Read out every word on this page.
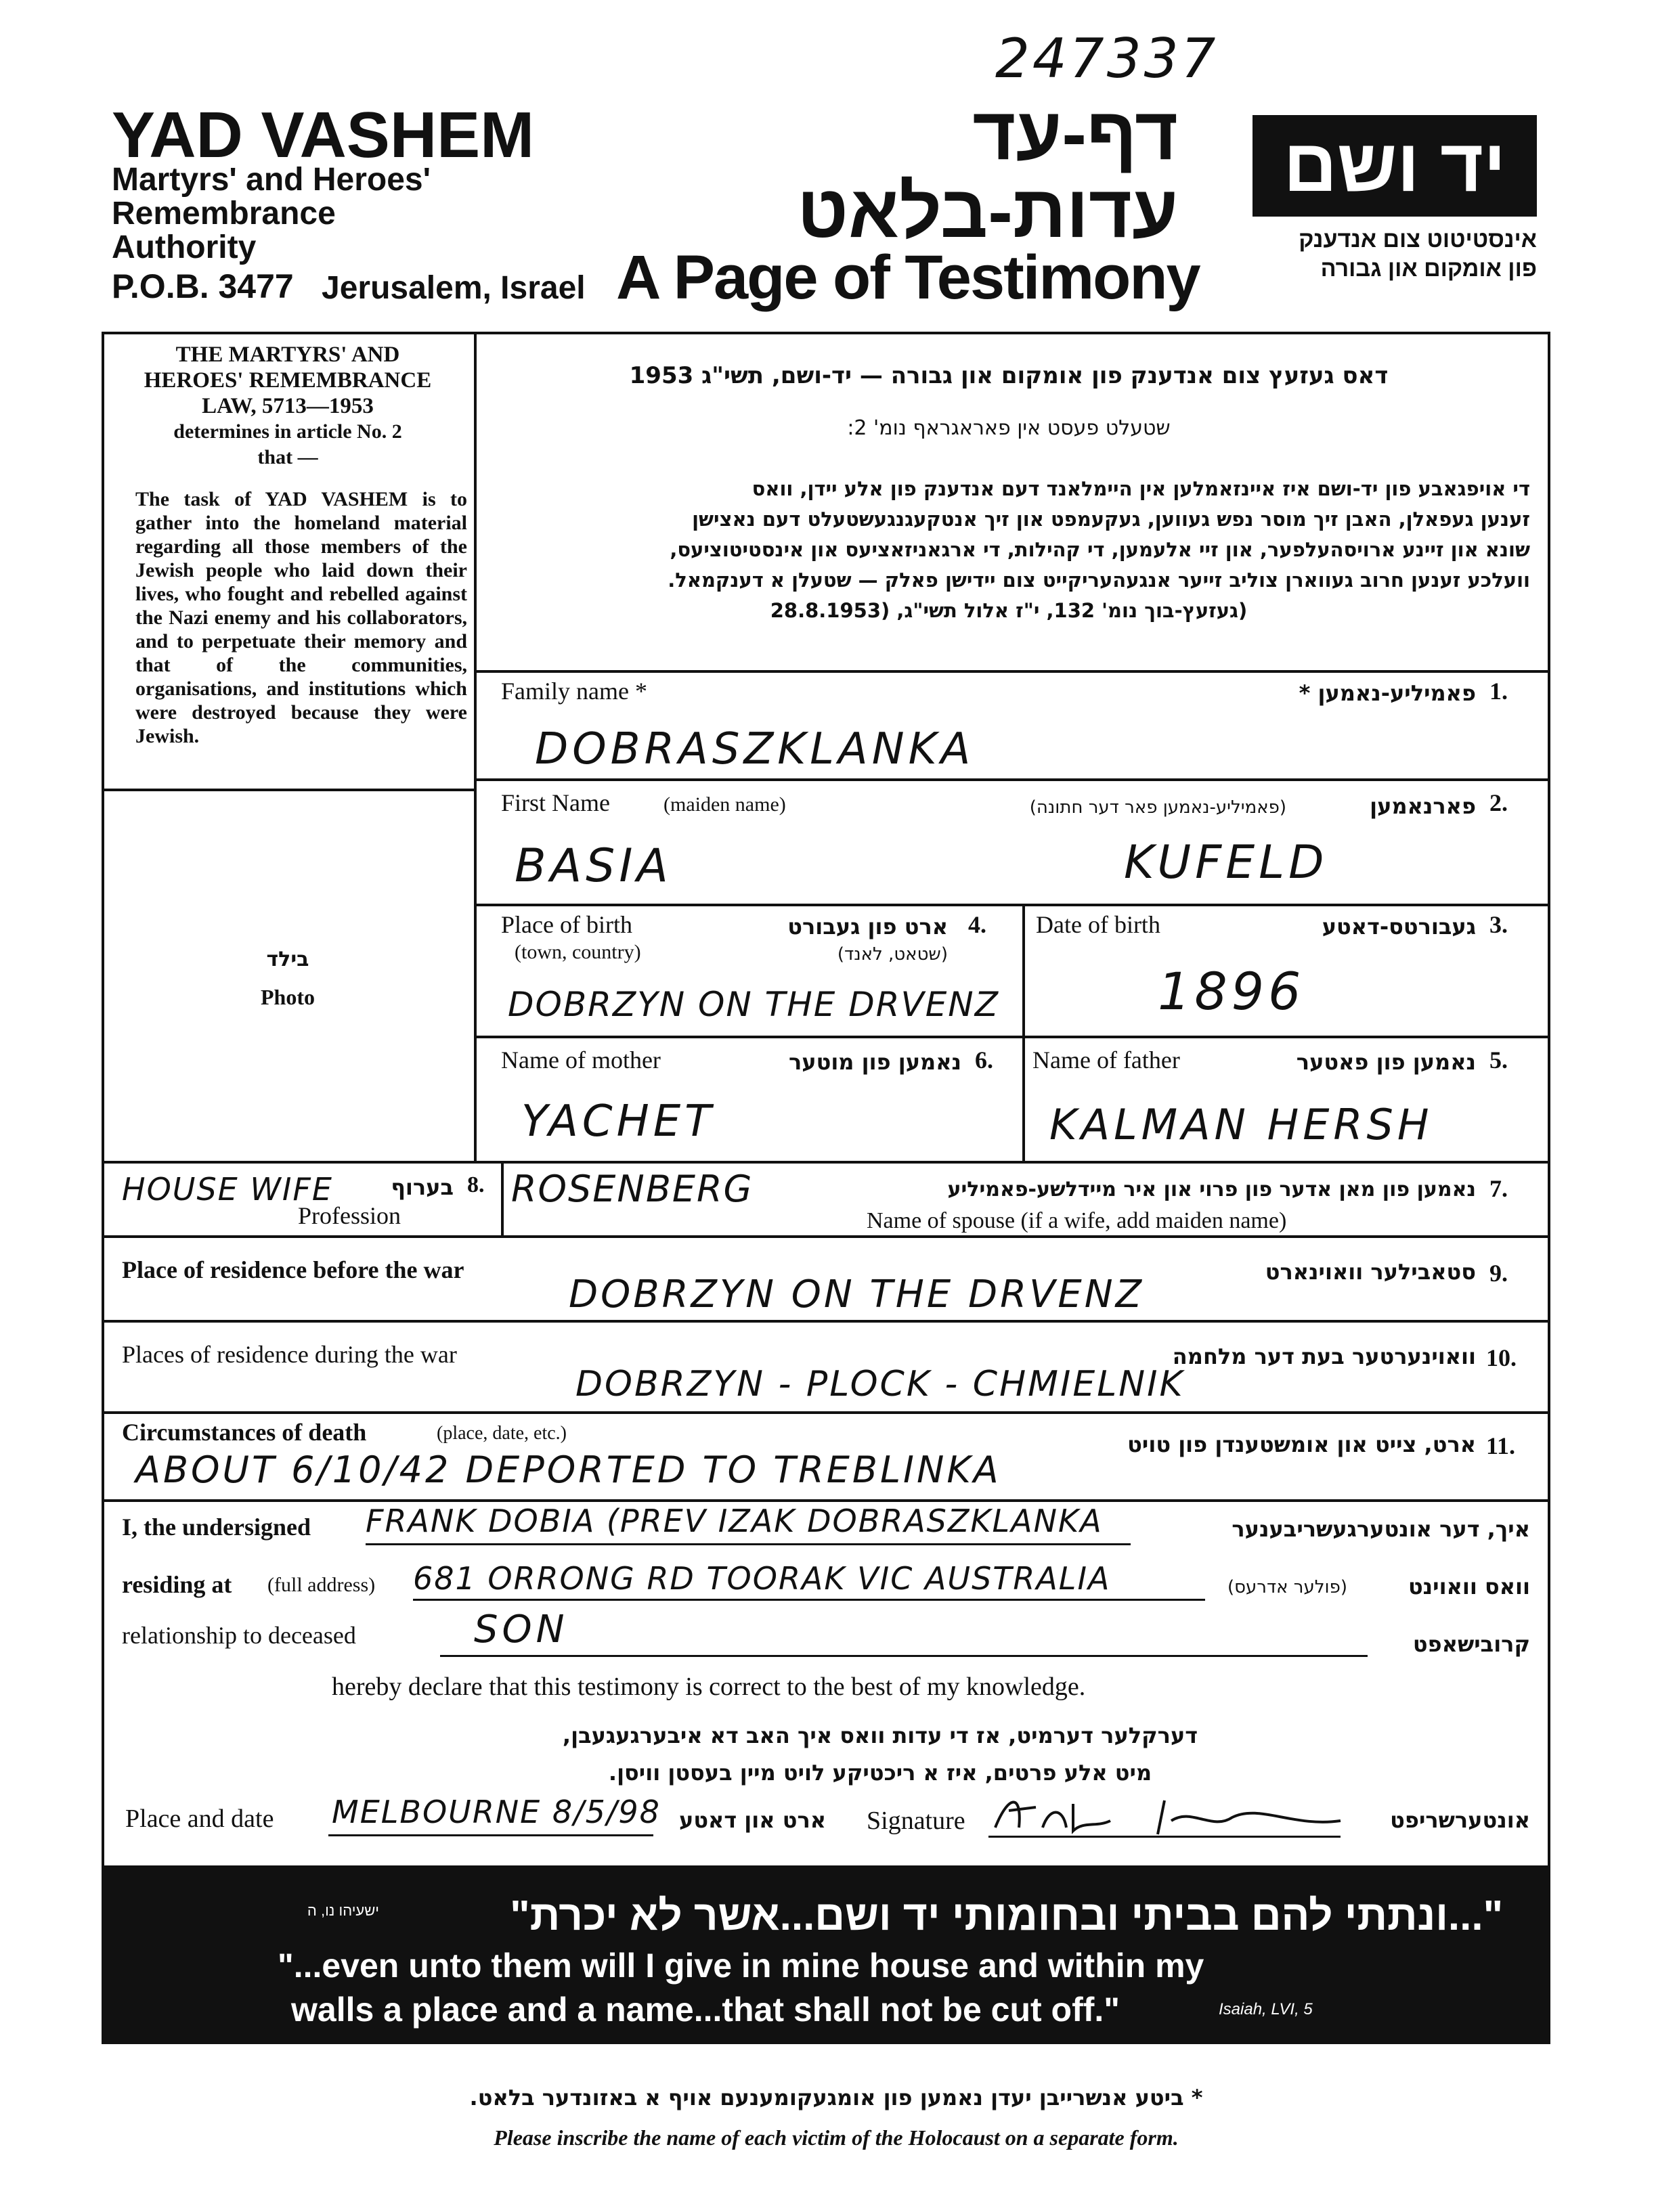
247337
YAD VASHEM
Martyrs' and Heroes'
Remembrance
Authority
P.O.B. 3477 Jerusalem, Israel
דף-עד
עדות-בלאט
A Page of Testimony
יד ושם
אינסטיטוט צום אנדענק
פון אומקום און גבורה
THE MARTYRS' AND
HEROES' REMEMBRANCE
LAW, 5713—1953
determines in article No. 2
that —
The task of YAD VASHEM is to gather into the homeland material regarding all those members of the Jewish people who laid down their lives, who fought and rebelled against the Nazi enemy and his collaborators, and to perpetuate their memory and that of the communities, organisations, and institutions which were destroyed because they were Jewish.
בילד
Photo
דאס געזעץ צום אנדענק פון אומקום און גבורה — יד-ושם, תשי"ג 1953
שטעלט פעסט אין פאראגראף נומ' 2:
די אויפגאבע פון יד-ושם איז איינזאמלען אין היימלאנד דעם אנדענק פון אלע יידן, וואס
זענען געפאלן, האבן זיך מוסר נפש געווען, געקעמפט און זיך אנטקעגנגעשטעלט דעם נאצישן
שונא און זיינע ארויסהעלפער, און זיי אלעמען, די קהילות, די ארגאניזאציעס און אינסטיטוציעס,
וועלכע זענען חרוב געווארן צוליב זייער אנגעהעריקייט צום יידישן פאלק — שטעלן א דענקמאל.
(געזעץ-בוך נומ' 132, י"ז אלול תשי"ג, (28.8.1953
Family name *	פאמיליע-נאמען * 1.
DOBRASZKLANKA
First Name	(maiden name)	פארנאמען
(פאמיליע-נאמען פאר דער חתונה)	2.
BASIA	KUFELD
Place of birth
(town, country)
ארט פון געבורט
(שטאט, לאנד)
4.
DOBRZYN ON THE DRVENZ
Date of birth	געבורטס-דאטע 3.
1896
Name of mother	נאמען פון מוטער 6.
YACHET
Name of father	נאמען פון פאטער 5.
KALMAN HERSH
HOUSE WIFE	בערוף 8.
Profession
ROSENBERG	נאמען פון מאן אדער פון פרוי און איר מיידלשע-פאמיליע 7.
Name of spouse (if a wife, add maiden name)
Place of residence before the war	סטאבילער וואוינארט 9.
DOBRZYN ON THE DRVENZ
Places of residence during the war	וואוינערטער בעת דער מלחמה 10.
DOBRZYN - PLOCK - CHMIELNIK
Circumstances of death	(place, date, etc.)	ארט, צייט און אומשטענדן פון טויט 11.
ABOUT 6/10/42 DEPORTED TO TREBLINKA
I, the undersigned FRANK DOBIA (PREV IZAK DOBRASZKLANKA	איך, דער אונטערגעשריבענער
residing at (full address) 681 ORRONG RD TOORAK VIC AUSTRALIA	(פולער אדרעס)	וואס וואוינט
relationship to deceased	SON	קרובישאפט
hereby declare that this testimony is correct to the best of my knowledge.
דערקלער דערמיט, אז די עדות וואס איך האב דא איבערגעגעבן,
מיט אלע פרטים, איז א ריכטיקע לויט מיין בעסטן וויסן.
Place and date MELBOURNE 8/5/98 ארט און דאטע Signature	אונטערשריפט
"...ונתתי להם בביתי ובחומותי יד ושם...אשר לא יכרת"
ישעיהו נו, ה
"...even unto them will I give in mine house and within my
walls a place and a name...that shall not be cut off."	Isaiah, LVI, 5
* ביטע אנשרייבן יעדן נאמען פון אומגעקומענעם אויף א באזונדער בלאט.
Please inscribe the name of each victim of the Holocaust on a separate form.
